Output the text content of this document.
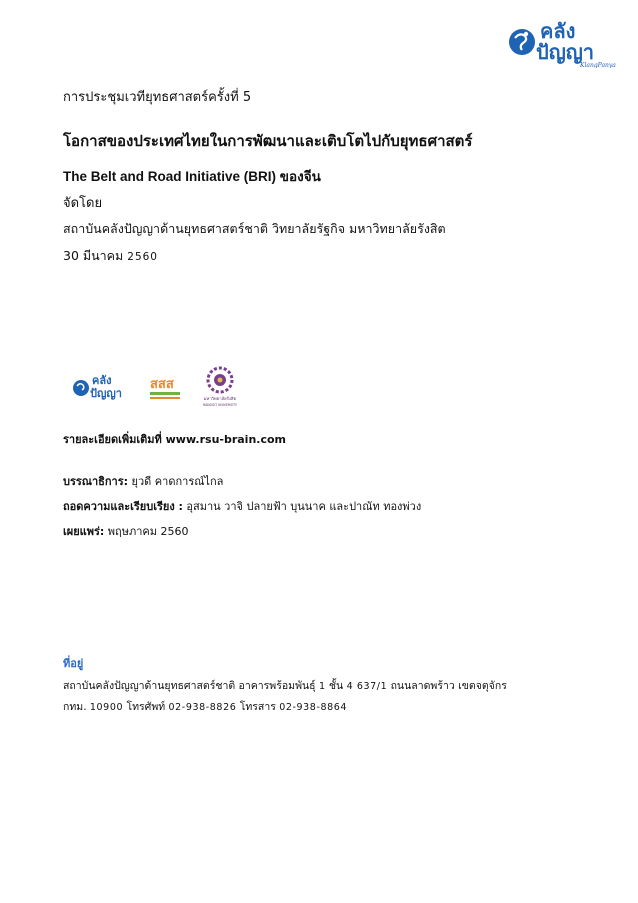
คลัง
ปัญญา
KlangPanya
การประชุมเวทียุทธศาสตร์ครั้งที่ 5
โอกาสของประเทศไทยในการพัฒนาและเติบโตไปกับยุทธศาสตร์
The Belt and Road Initiative (BRI) ของจีน
จัดโดย
สถาบันคลังปัญญาด้านยุทธศาสตร์ชาติ วิทยาลัยรัฐกิจ มหาวิทยาลัยรังสิต
30 มีนาคม 2560
คลัง
ปัญญา
สสส
มหาวิทยาลัยรังสิต
RANGSIT UNIVERSITY
รายละเอียดเพิ่มเติมที่ www.rsu-brain.com
บรรณาธิการ: ยุวดี คาดการณ์ไกล
ถอดความและเรียบเรียง : อุสมาน วาจิ ปลายฟ้า บุนนาค และปาณัท ทองพ่วง
เผยแพร่: พฤษภาคม 2560
ที่อยู่
สถาบันคลังปัญญาด้านยุทธศาสตร์ชาติ อาคารพร้อมพันธุ์ 1 ชั้น 4 637/1 ถนนลาดพร้าว เขตจตุจักร
กทม. 10900 โทรศัพท์ 02-938-8826 โทรสาร 02-938-8864
